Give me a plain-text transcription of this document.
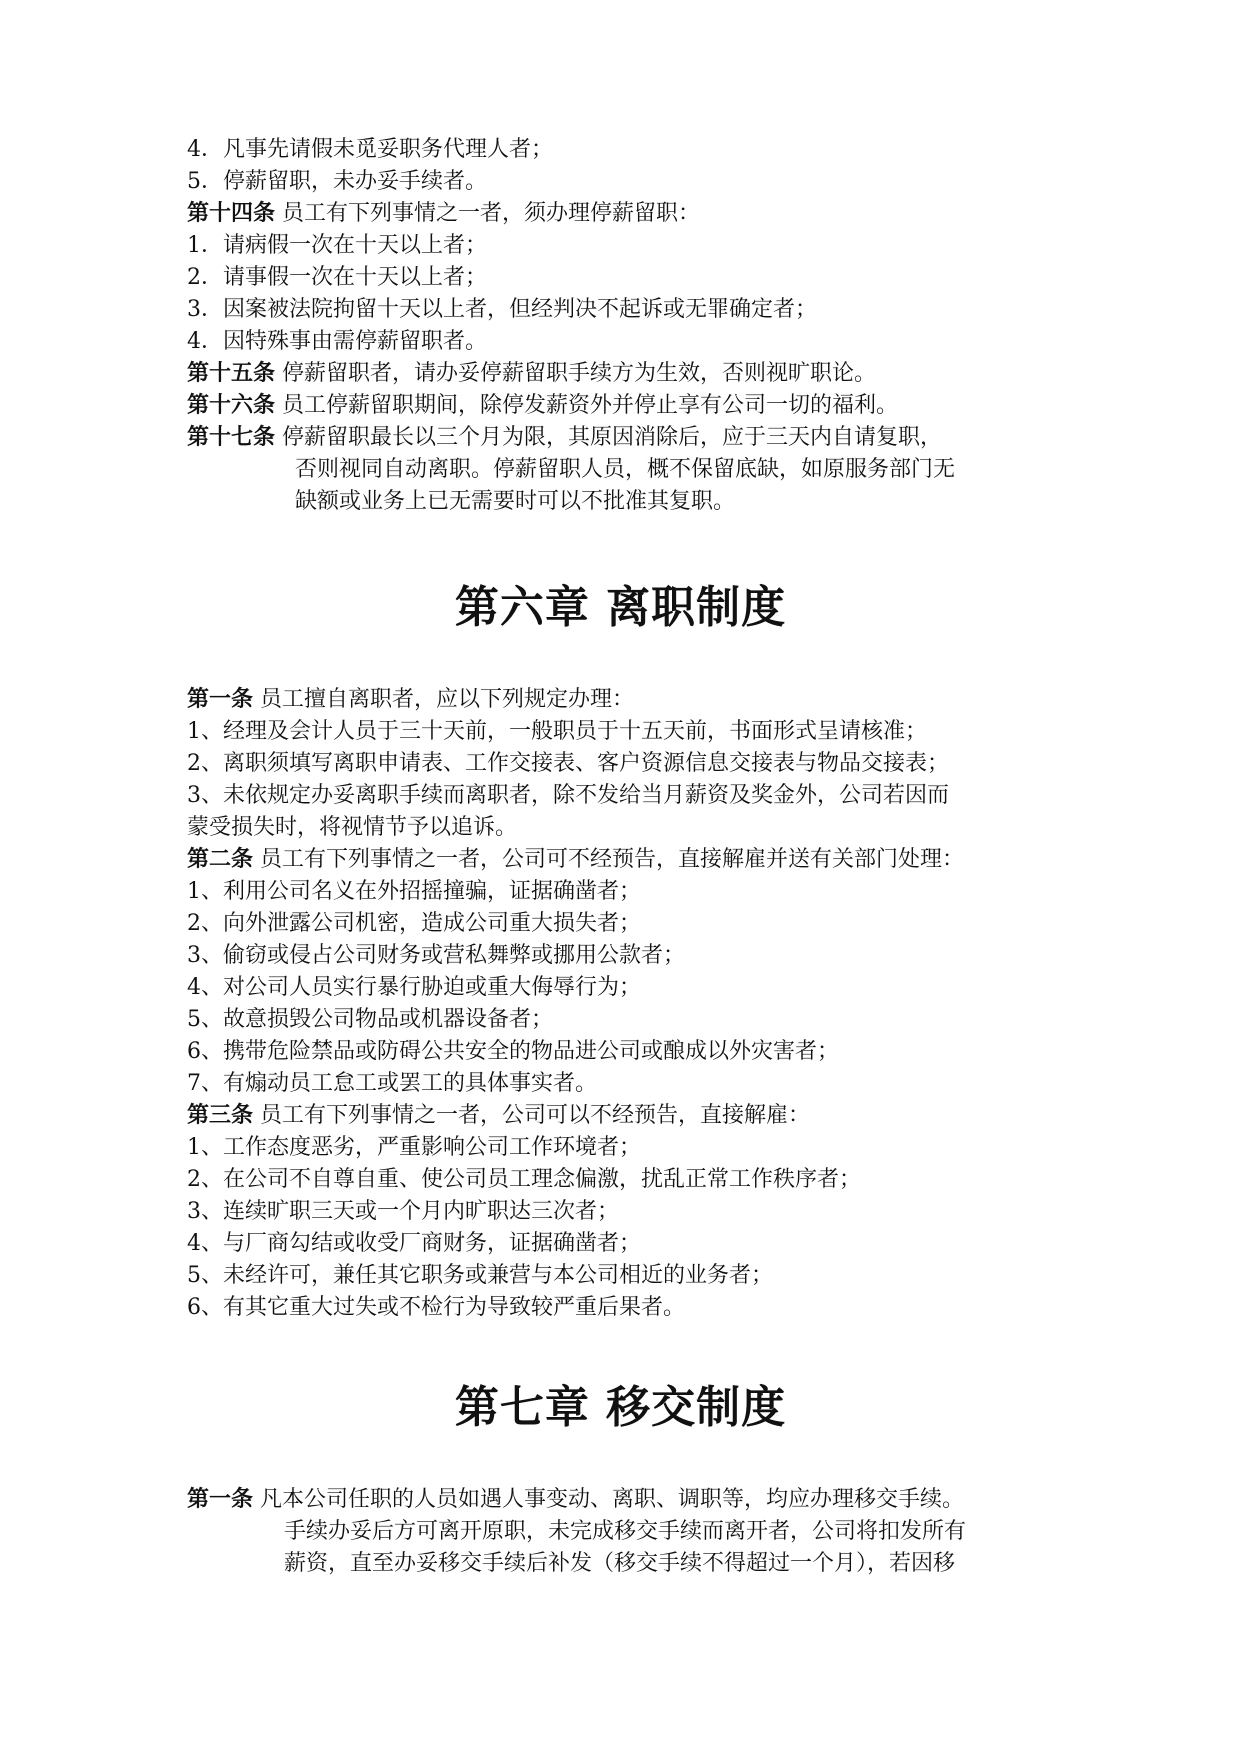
4．凡事先请假未觅妥职务代理人者；
5．停薪留职，未办妥手续者。
第十四条 员工有下列事情之一者，须办理停薪留职：
1．请病假一次在十天以上者；
2．请事假一次在十天以上者；
3．因案被法院拘留十天以上者，但经判决不起诉或无罪确定者；
4．因特殊事由需停薪留职者。
第十五条 停薪留职者，请办妥停薪留职手续方为生效，否则视旷职论。
第十六条 员工停薪留职期间，除停发薪资外并停止享有公司一切的福利。
第十七条 停薪留职最长以三个月为限，其原因消除后，应于三天内自请复职，
否则视同自动离职。停薪留职人员，概不保留底缺，如原服务部门无
缺额或业务上已无需要时可以不批准其复职。
第六章 离职制度
第一条 员工擅自离职者，应以下列规定办理：
1、经理及会计人员于三十天前，一般职员于十五天前，书面形式呈请核准；
2、离职须填写离职申请表、工作交接表、客户资源信息交接表与物品交接表；
3、未依规定办妥离职手续而离职者，除不发给当月薪资及奖金外，公司若因而
蒙受损失时，将视情节予以追诉。
第二条 员工有下列事情之一者，公司可不经预告，直接解雇并送有关部门处理：
1、利用公司名义在外招摇撞骗，证据确凿者；
2、向外泄露公司机密，造成公司重大损失者；
3、偷窃或侵占公司财务或营私舞弊或挪用公款者；
4、对公司人员实行暴行胁迫或重大侮辱行为；
5、故意损毁公司物品或机器设备者；
6、携带危险禁品或防碍公共安全的物品进公司或酿成以外灾害者；
7、有煽动员工怠工或罢工的具体事实者。
第三条 员工有下列事情之一者，公司可以不经预告，直接解雇：
1、工作态度恶劣，严重影响公司工作环境者；
2、在公司不自尊自重、使公司员工理念偏激，扰乱正常工作秩序者；
3、连续旷职三天或一个月内旷职达三次者；
4、与厂商勾结或收受厂商财务，证据确凿者；
5、未经许可，兼任其它职务或兼营与本公司相近的业务者；
6、有其它重大过失或不检行为导致较严重后果者。
第七章 移交制度
第一条 凡本公司任职的人员如遇人事变动、离职、调职等，均应办理移交手续。
手续办妥后方可离开原职，未完成移交手续而离开者，公司将扣发所有
薪资，直至办妥移交手续后补发（移交手续不得超过一个月），若因移
